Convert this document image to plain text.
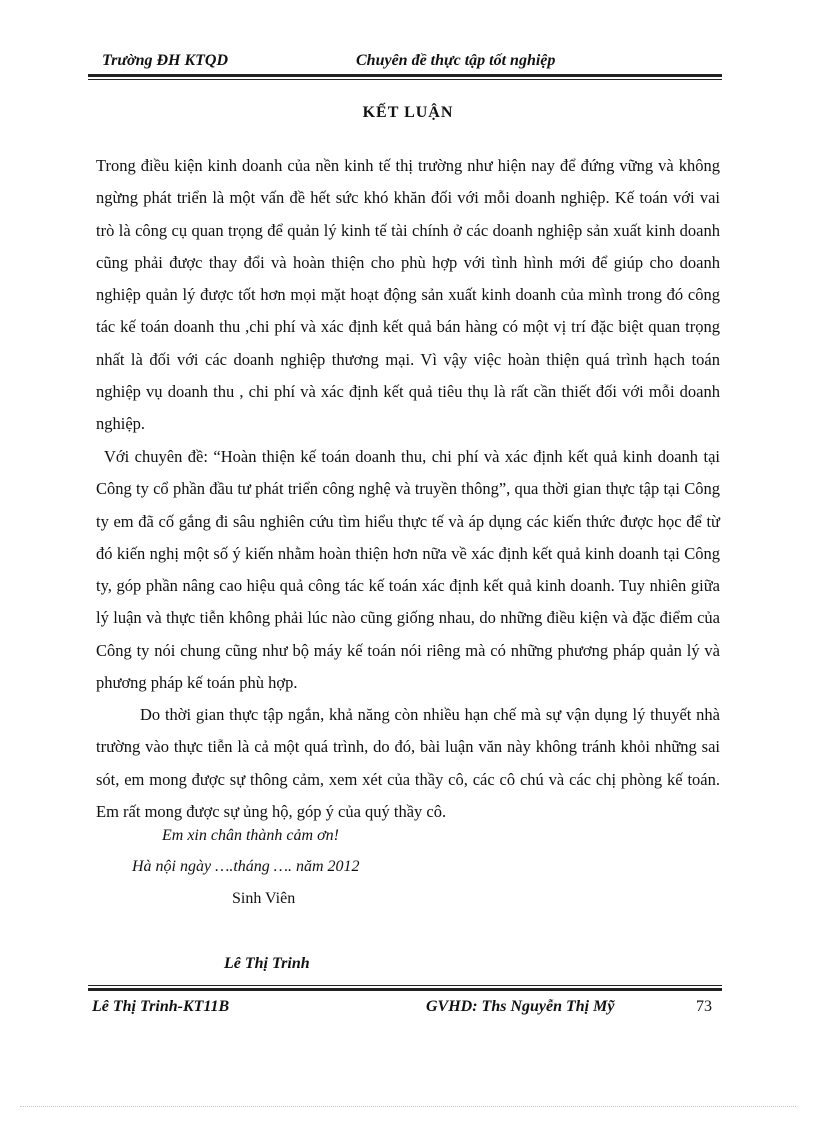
Trường ĐH KTQD	Chuyên đề thực tập tốt nghiệp
KẾT LUẬN

Trong điều kiện kinh doanh của nền kinh tế thị trường như hiện nay để đứng vững và không ngừng phát triển là một vấn đề hết sức khó khăn đối với mỗi doanh nghiệp. Kế toán với vai trò là công cụ quan trọng để quản lý kinh tế tài chính ở các doanh nghiệp sản xuất kinh doanh cũng phải được thay đổi và hoàn thiện cho phù hợp với tình hình mới để giúp cho doanh nghiệp quản lý được tốt hơn mọi mặt hoạt động sản xuất kinh doanh của mình trong đó công tác kế toán doanh thu ,chi phí và xác định kết quả bán hàng có một vị trí đặc biệt quan trọng nhất là đối với các doanh nghiệp thương mại. Vì vậy việc hoàn thiện quá trình hạch toán nghiệp vụ doanh thu , chi phí và xác định kết quả tiêu thụ là rất cần thiết đối với mỗi doanh nghiệp.

Với chuyên đề: “Hoàn thiện kế toán doanh thu, chi phí và xác định kết quả kinh doanh tại Công ty cổ phần đầu tư phát triển công nghệ và truyền thông”, qua thời gian thực tập tại Công ty em đã cố gắng đi sâu nghiên cứu tìm hiểu thực tế và áp dụng các kiến thức được học để từ đó kiến nghị một số ý kiến nhằm hoàn thiện hơn nữa về xác định kết quả kinh doanh tại Công ty, góp phần nâng cao hiệu quả công tác kế toán xác định kết quả kinh doanh. Tuy nhiên giữa lý luận và thực tiễn không phải lúc nào cũng giống nhau, do những điều kiện và đặc điểm của Công ty nói chung cũng như bộ máy kế toán nói riêng mà có những phương pháp quản lý và phương pháp kế toán phù hợp.

Do thời gian thực tập ngắn, khả năng còn nhiều hạn chế mà sự vận dụng lý thuyết nhà trường vào thực tiễn là cả một quá trình, do đó, bài luận văn này không tránh khỏi những sai sót, em mong được sự thông cảm, xem xét của thầy cô, các cô chú và các chị phòng kế toán. Em rất mong được sự ủng hộ, góp ý của quý thầy cô.

Em xin chân thành cảm ơn!
Hà nội ngày ….tháng …. năm 2012
Sinh Viên
Lê Thị Trinh
Lê Thị Trinh-KT11B	GVHD: Ths Nguyễn Thị Mỹ	73
